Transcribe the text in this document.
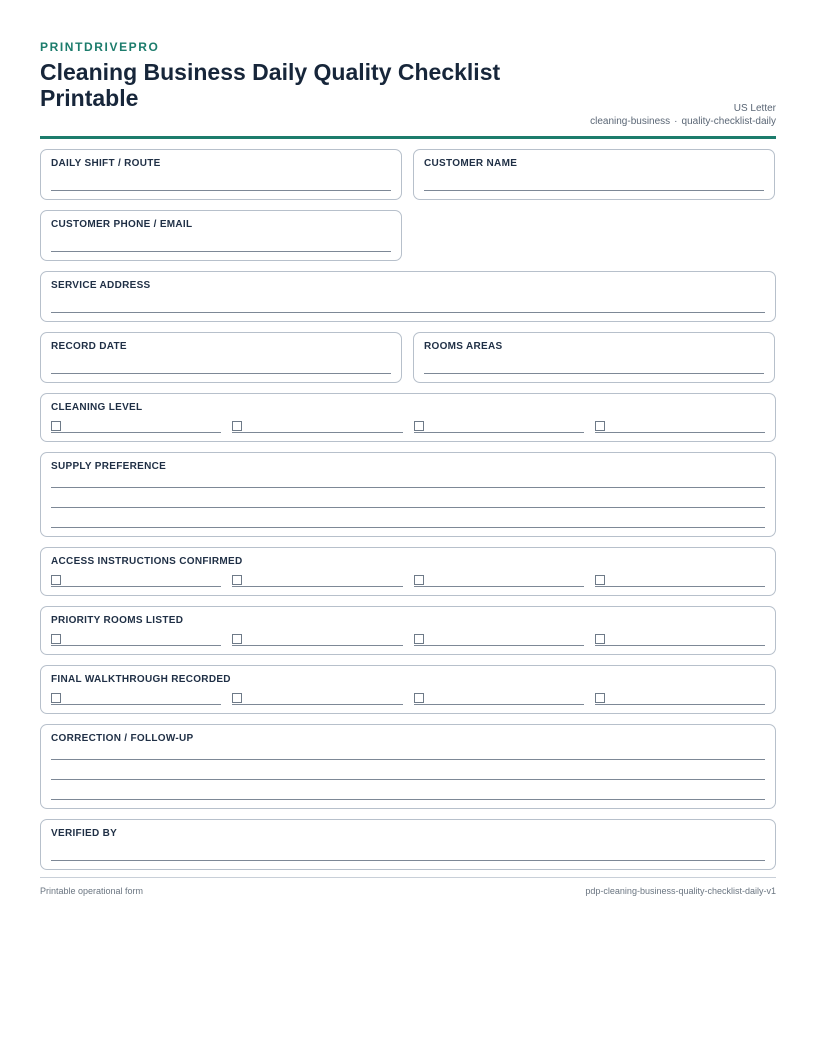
PRINTDRIVEPRO
Cleaning Business Daily Quality Checklist Printable	US Letter
cleaning-business · quality-checklist-daily
DAILY SHIFT / ROUTE	CUSTOMER NAME
CUSTOMER PHONE / EMAIL
SERVICE ADDRESS
RECORD DATE	ROOMS AREAS
CLEANING LEVEL
SUPPLY PREFERENCE
ACCESS INSTRUCTIONS CONFIRMED
PRIORITY ROOMS LISTED
FINAL WALKTHROUGH RECORDED
CORRECTION / FOLLOW-UP
VERIFIED BY
Printable operational form	pdp-cleaning-business-quality-checklist-daily-v1
